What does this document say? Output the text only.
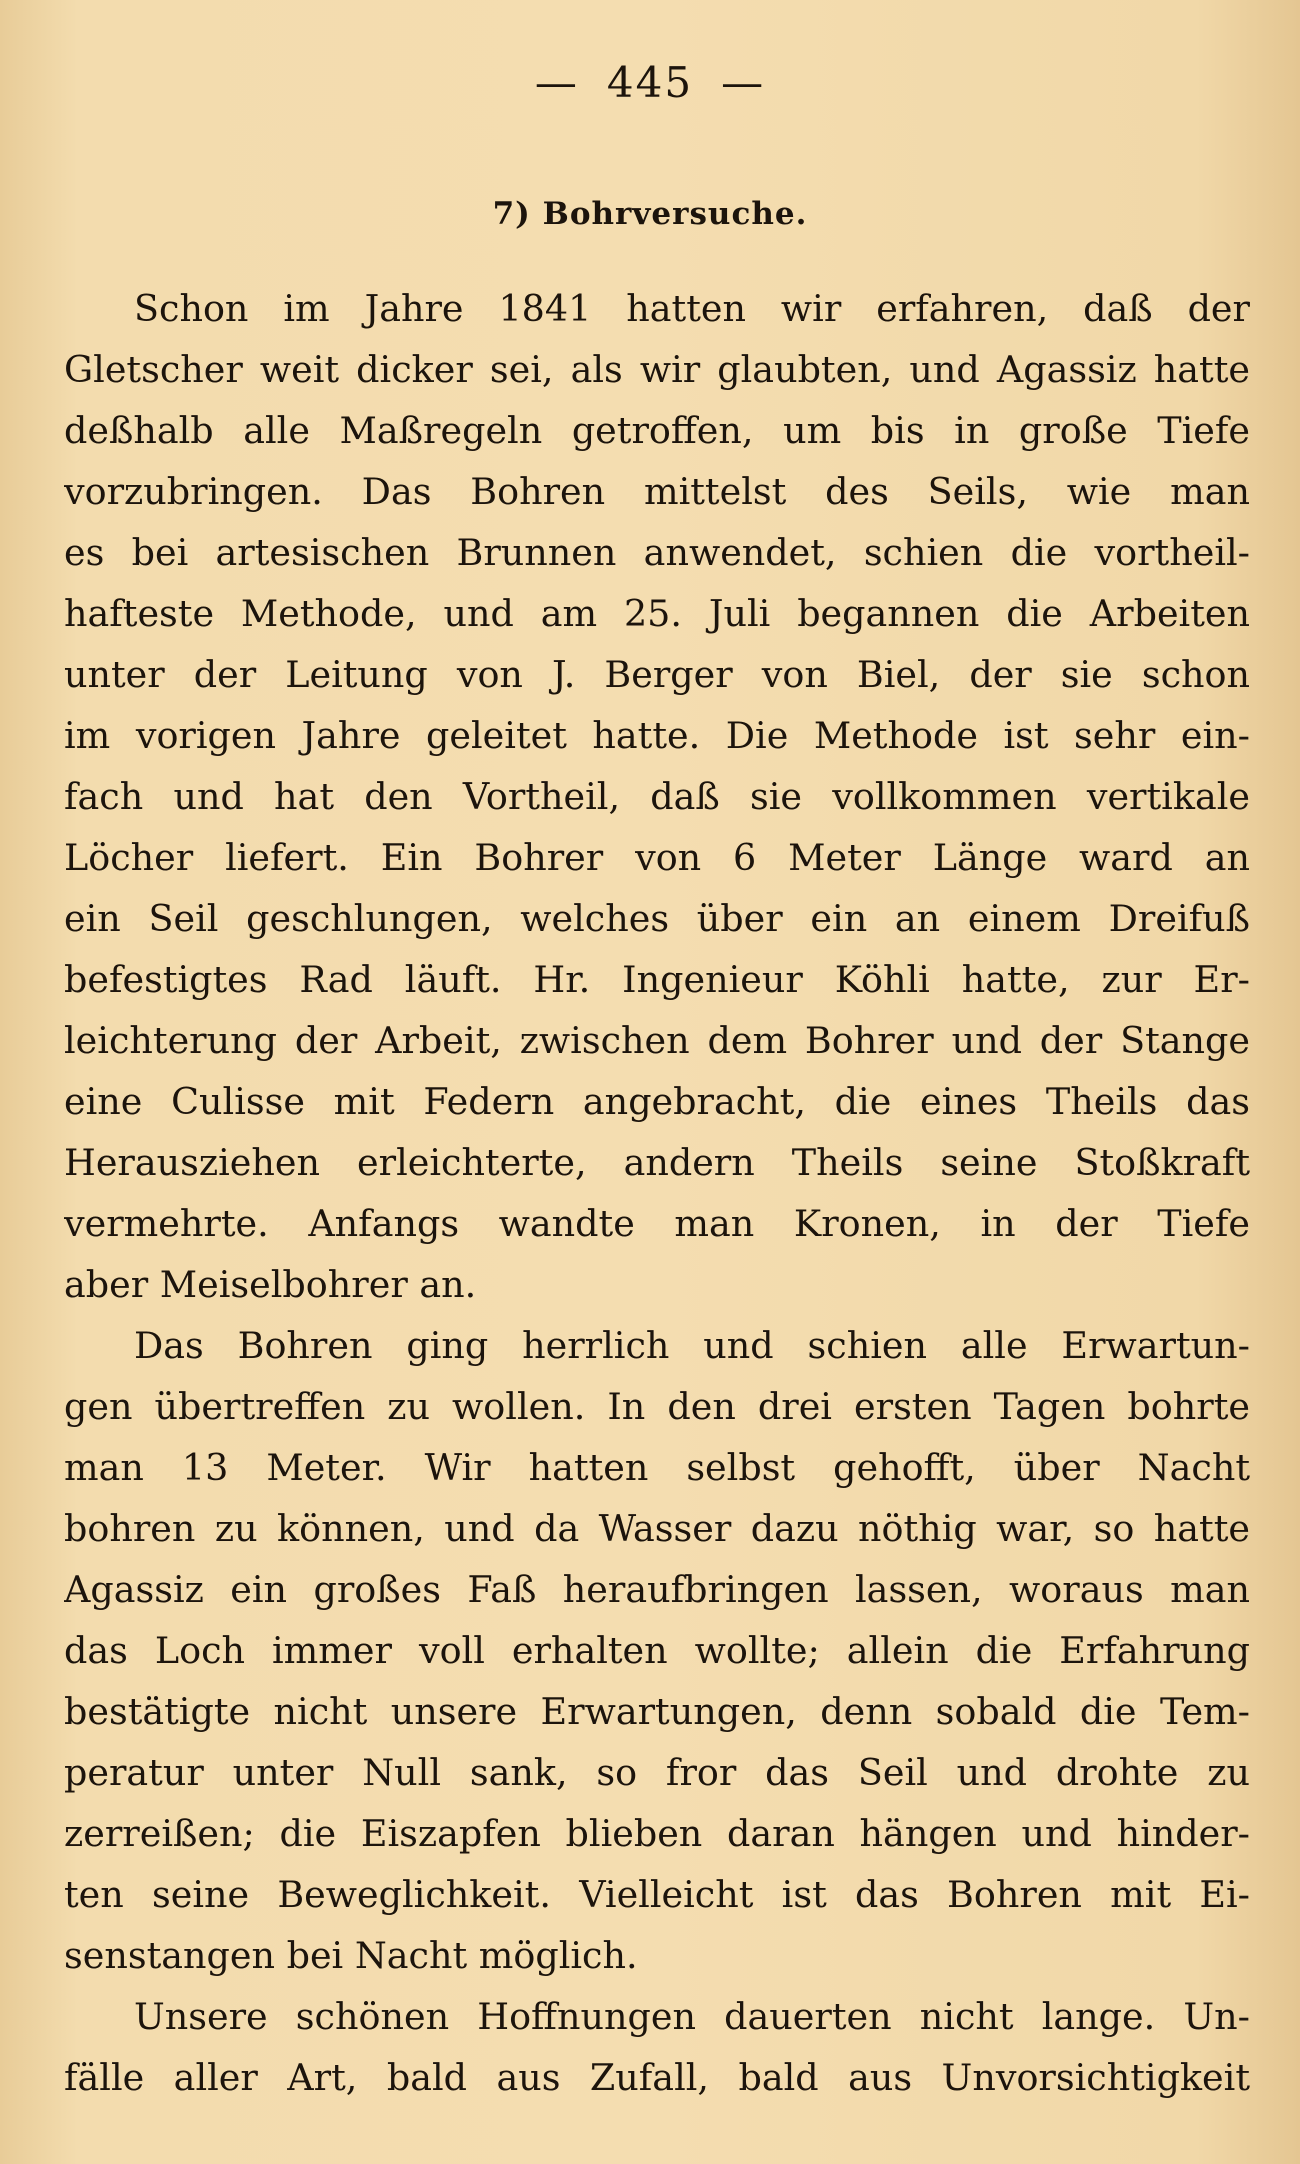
— 445 —
7) Bohrversuche.
Schon im Jahre 1841 hatten wir erfahren, daß der
Gletscher weit dicker sei, als wir glaubten, und Agassiz hatte
deßhalb alle Maßregeln getroffen, um bis in große Tiefe
vorzubringen. Das Bohren mittelst des Seils, wie man
es bei artesischen Brunnen anwendet, schien die vortheil-
hafteste Methode, und am 25. Juli begannen die Arbeiten
unter der Leitung von J. Berger von Biel, der sie schon
im vorigen Jahre geleitet hatte. Die Methode ist sehr ein-
fach und hat den Vortheil, daß sie vollkommen vertikale
Löcher liefert. Ein Bohrer von 6 Meter Länge ward an
ein Seil geschlungen, welches über ein an einem Dreifuß
befestigtes Rad läuft. Hr. Ingenieur Köhli hatte, zur Er-
leichterung der Arbeit, zwischen dem Bohrer und der Stange
eine Culisse mit Federn angebracht, die eines Theils das
Herausziehen erleichterte, andern Theils seine Stoßkraft
vermehrte. Anfangs wandte man Kronen, in der Tiefe
aber Meiselbohrer an.
Das Bohren ging herrlich und schien alle Erwartun-
gen übertreffen zu wollen. In den drei ersten Tagen bohrte
man 13 Meter. Wir hatten selbst gehofft, über Nacht
bohren zu können, und da Wasser dazu nöthig war, so hatte
Agassiz ein großes Faß heraufbringen lassen, woraus man
das Loch immer voll erhalten wollte; allein die Erfahrung
bestätigte nicht unsere Erwartungen, denn sobald die Tem-
peratur unter Null sank, so fror das Seil und drohte zu
zerreißen; die Eiszapfen blieben daran hängen und hinder-
ten seine Beweglichkeit. Vielleicht ist das Bohren mit Ei-
senstangen bei Nacht möglich.
Unsere schönen Hoffnungen dauerten nicht lange. Un-
fälle aller Art, bald aus Zufall, bald aus Unvorsichtigkeit
